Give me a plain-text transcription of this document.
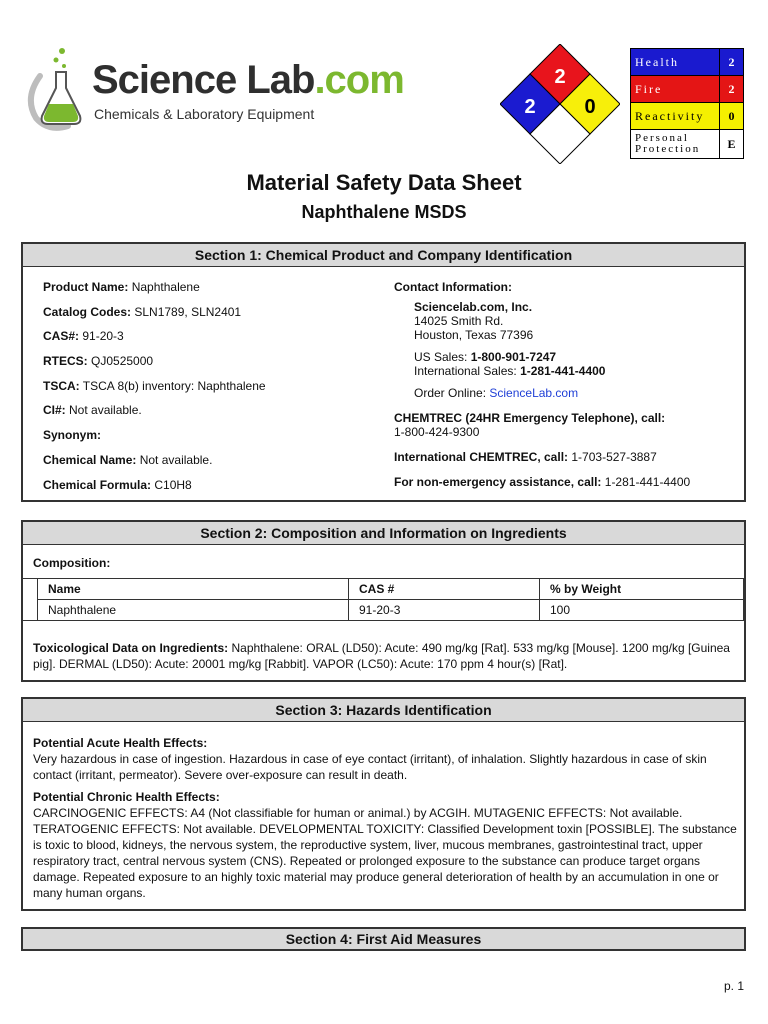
Science Lab.com
Chemicals & Laboratory Equipment
2
2 0
Health	2
Fire	2
Reactivity	0
Personal
Protection	E
Material Safety Data Sheet
Naphthalene MSDS
Section 1: Chemical Product and Company Identification
Product Name: Naphthalene
Catalog Codes: SLN1789, SLN2401
CAS#: 91-20-3
RTECS: QJ0525000
TSCA: TSCA 8(b) inventory: Naphthalene
CI#: Not available.
Synonym:
Chemical Name: Not available.
Chemical Formula: C10H8
Contact Information:
Sciencelab.com, Inc.
14025 Smith Rd.
Houston, Texas 77396
US Sales: 1-800-901-7247
International Sales: 1-281-441-4400
Order Online: ScienceLab.com
CHEMTREC (24HR Emergency Telephone), call:
1-800-424-9300
International CHEMTREC, call: 1-703-527-3887
For non-emergency assistance, call: 1-281-441-4400
Section 2: Composition and Information on Ingredients
Composition:
	Name	CAS #	% by Weight
	Naphthalene	91-20-3	100
Toxicological Data on Ingredients: Naphthalene: ORAL (LD50): Acute: 490 mg/kg [Rat]. 533 mg/kg [Mouse]. 1200 mg/kg [Guinea pig]. DERMAL (LD50): Acute: 20001 mg/kg [Rabbit]. VAPOR (LC50): Acute: 170 ppm 4 hour(s) [Rat].
Section 3: Hazards Identification
Potential Acute Health Effects:
Very hazardous in case of ingestion. Hazardous in case of eye contact (irritant), of inhalation. Slightly hazardous in case of skin contact (irritant, permeator). Severe over-exposure can result in death.
Potential Chronic Health Effects:
CARCINOGENIC EFFECTS: A4 (Not classifiable for human or animal.) by ACGIH. MUTAGENIC EFFECTS: Not available. TERATOGENIC EFFECTS: Not available. DEVELOPMENTAL TOXICITY: Classified Development toxin [POSSIBLE]. The substance is toxic to blood, kidneys, the nervous system, the reproductive system, liver, mucous membranes, gastrointestinal tract, upper respiratory tract, central nervous system (CNS). Repeated or prolonged exposure to the substance can produce target organs damage. Repeated exposure to an highly toxic material may produce general deterioration of health by an accumulation in one or many human organs.
Section 4: First Aid Measures
p. 1
